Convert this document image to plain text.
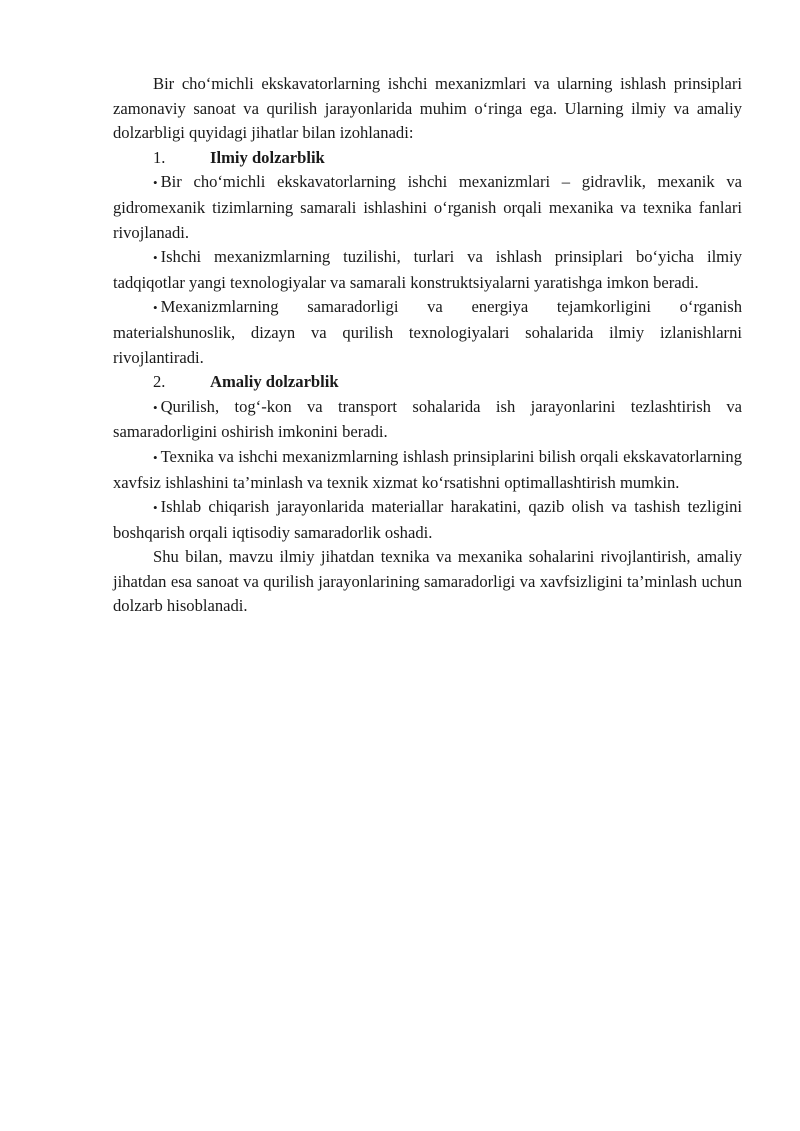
Bir cho‘michli ekskavatorlarning ishchi mexanizmlari va ularning ishlash prinsiplari zamonaviy sanoat va qurilish jarayonlarida muhim o‘ringa ega. Ularning ilmiy va amaliy dolzarbligi quyidagi jihatlar bilan izohlanadi:

1.	Ilmiy dolzarblik

• Bir cho‘michli ekskavatorlarning ishchi mexanizmlari – gidravlik, mexanik va gidromexanik tizimlarning samarali ishlashini o‘rganish orqali mexanika va texnika fanlari rivojlanadi.

• Ishchi mexanizmlarning tuzilishi, turlari va ishlash prinsiplari bo‘yicha ilmiy tadqiqotlar yangi texnologiyalar va samarali konstruktsiyalarni yaratishga imkon beradi.

• Mexanizmlarning samaradorligi va energiya tejamkorligini o‘rganish materialshunoslik, dizayn va qurilish texnologiyalari sohalarida ilmiy izlanishlarni rivojlantiradi.

2.	Amaliy dolzarblik

• Qurilish, tog‘-kon va transport sohalarida ish jarayonlarini tezlashtirish va samaradorligini oshirish imkonini beradi.

• Texnika va ishchi mexanizmlarning ishlash prinsiplarini bilish orqali ekskavatorlarning xavfsiz ishlashini ta’minlash va texnik xizmat ko‘rsatishni optimallashtirish mumkin.

• Ishlab chiqarish jarayonlarida materiallar harakatini, qazib olish va tashish tezligini boshqarish orqali iqtisodiy samaradorlik oshadi.

Shu bilan, mavzu ilmiy jihatdan texnika va mexanika sohalarini rivojlantirish, amaliy jihatdan esa sanoat va qurilish jarayonlarining samaradorligi va xavfsizligini ta’minlash uchun dolzarb hisoblanadi.
